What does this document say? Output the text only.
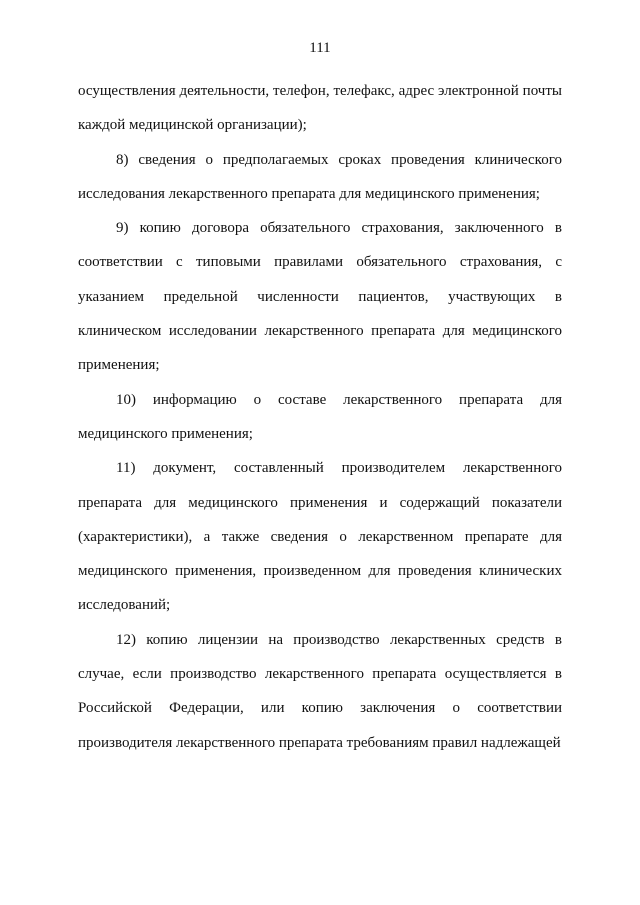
111

осуществления деятельности, телефон, телефакс, адрес электронной почты каждой медицинской организации);

8) сведения о предполагаемых сроках проведения клинического исследования лекарственного препарата для медицинского применения;

9) копию договора обязательного страхования, заключенного в соответствии с типовыми правилами обязательного страхования, с указанием предельной численности пациентов, участвующих в клиническом исследовании лекарственного препарата для медицинского применения;

10) информацию о составе лекарственного препарата для медицинского применения;

11) документ, составленный производителем лекарственного препарата для медицинского применения и содержащий показатели (характеристики), а также сведения о лекарственном препарате для медицинского применения, произведенном для проведения клинических исследований;

12) копию лицензии на производство лекарственных средств в случае, если производство лекарственного препарата осуществляется в Российской Федерации, или копию заключения о соответствии производителя лекарственного препарата требованиям правил надлежащей
